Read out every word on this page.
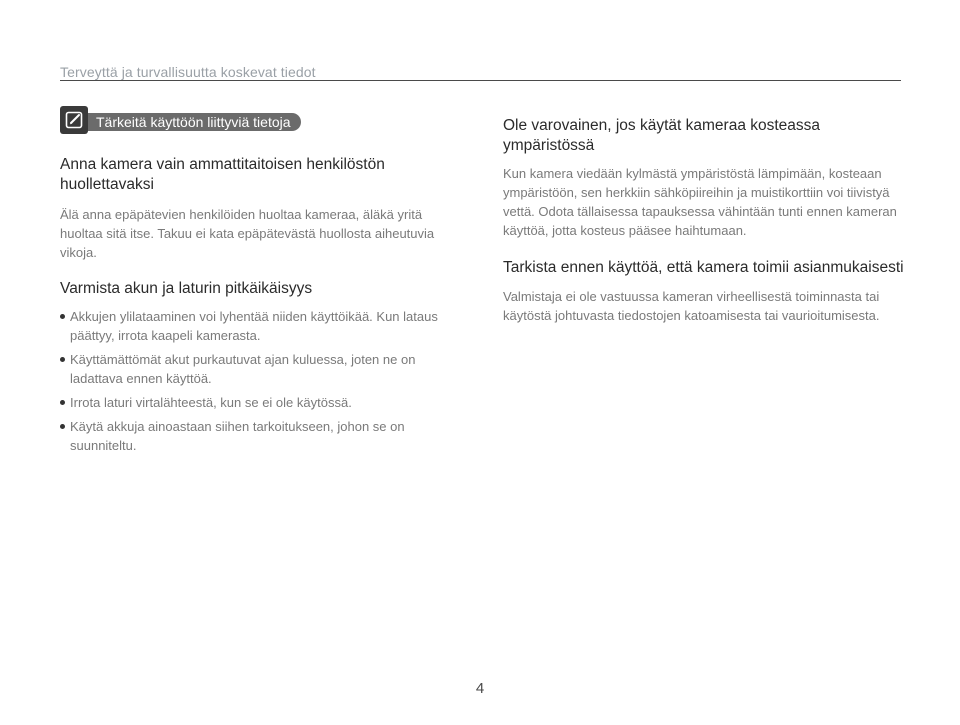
Terveyttä ja turvallisuutta koskevat tiedot
Tärkeitä käyttöön liittyviä tietoja
Anna kamera vain ammattitaitoisen henkilöstön huollettavaksi

Älä anna epäpätevien henkilöiden huoltaa kameraa, äläkä yritä huoltaa sitä itse. Takuu ei kata epäpätevästä huollosta aiheutuvia vikoja.

Varmista akun ja laturin pitkäikäisyys
Akkujen ylilataaminen voi lyhentää niiden käyttöikää. Kun lataus päättyy, irrota kaapeli kamerasta.
Käyttämättömät akut purkautuvat ajan kuluessa, joten ne on ladattava ennen käyttöä.
Irrota laturi virtalähteestä, kun se ei ole käytössä.
Käytä akkuja ainoastaan siihen tarkoitukseen, johon se on suunniteltu.
Ole varovainen, jos käytät kameraa kosteassa ympäristössä

Kun kamera viedään kylmästä ympäristöstä lämpimään, kosteaan ympäristöön, sen herkkiin sähköpiireihin ja muistikorttiin voi tiivistyä vettä. Odota tällaisessa tapauksessa vähintään tunti ennen kameran käyttöä, jotta kosteus pääsee haihtumaan.

Tarkista ennen käyttöä, että kamera toimii asianmukaisesti

Valmistaja ei ole vastuussa kameran virheellisestä toiminnasta tai käytöstä johtuvasta tiedostojen katoamisesta tai vaurioitumisesta.

4
